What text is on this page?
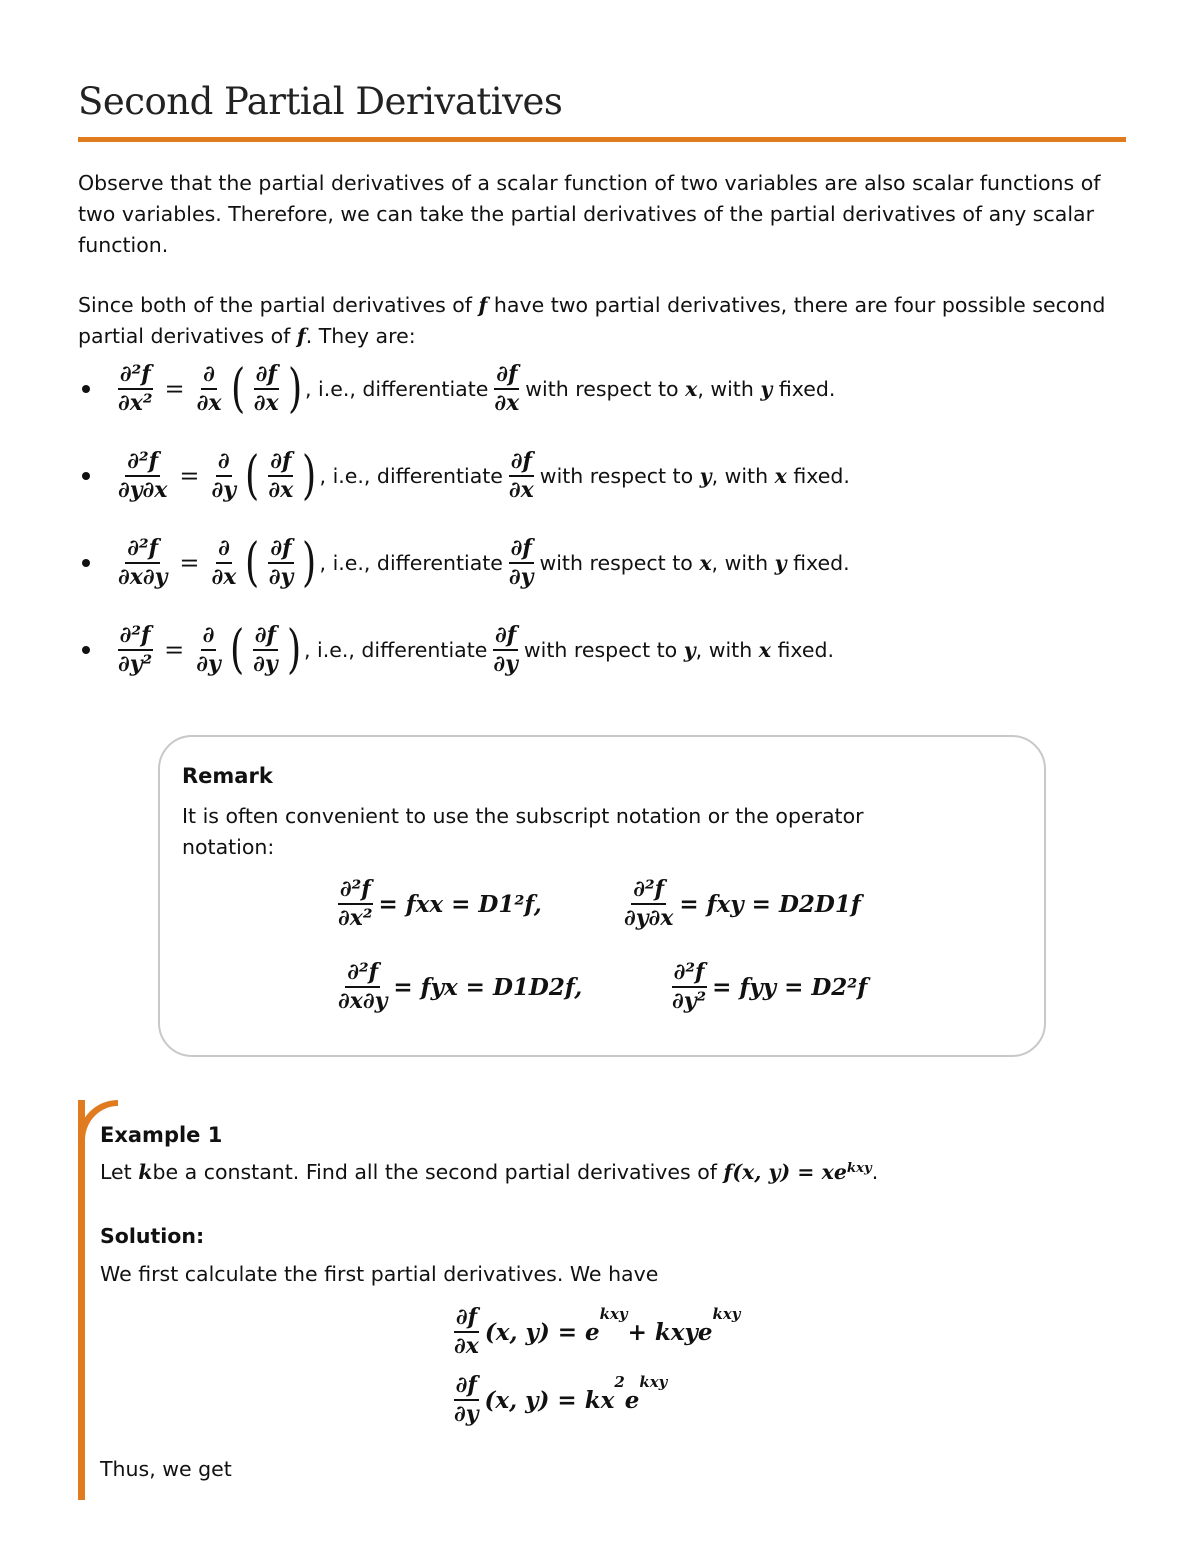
Second Partial Derivatives
Observe that the partial derivatives of a scalar function of two variables are also scalar functions of two variables. Therefore, we can take the partial derivatives of the partial derivatives of any scalar function.
Since both of the partial derivatives of f have two partial derivatives, there are four possible second partial derivatives of f. They are:
$\frac{\text{∂²f}}{\text{∂x²}} = \frac{\partial}{\partial x}$ ( $\frac{\partial f}{\partial x}$ ) , i.e., differentiate $\frac{\partial f}{\partial x}$ with respect to
x , with
y
fixed.
$\frac{\text{∂²f}}{\partial y\partial x} = \frac{\partial}{\partial y}$ ( $\frac{\partial f}{\partial x}$ ) , i.e., differentiate $\frac{\partial f}{\partial x}$ with respect to
y , with
x
fixed.
$\frac{\text{∂²f}}{\partial x\partial y} = \frac{\partial}{\partial x}$ ( $\frac{\partial f}{\partial y}$ ) , i.e., differentiate $\frac{\partial f}{\partial y}$ with respect to
x , with
y
fixed.
$\frac{\text{∂²f}}{\text{∂y²}} = \frac{\partial}{\partial y}$ ( $\frac{\partial f}{\partial y}$ ) , i.e., differentiate $\frac{\partial f}{\partial y}$ with respect to
y , with
x
fixed.
Remark
It is often convenient to use the subscript notation or the operator notation:
$\frac{\text{∂²f}}{\text{∂x²}}$ = fxx = D1²f,	$\frac{\text{∂²f}}{\partial y\partial x}$ = fxy = D2D1f
$\frac{\text{∂²f}}{\partial x\partial y}$ = fyx = D1D2f,	$\frac{\text{∂²f}}{\text{∂y²}}$ = fyy = D2²f
Example 1
Let
k be a constant. Find all the second partial derivatives of
f(x, y) = xe kxy .
Solution:
We first calculate the first partial derivatives. We have
$\frac{\partial f}{\partial x} (x$, y) = e
$^{kxy}$
+ kxye
$^{kxy}$
$\frac{\partial f}{\partial y} (x$, y) = kx
$^2$
e
$^{kxy}$
Thus, we get
